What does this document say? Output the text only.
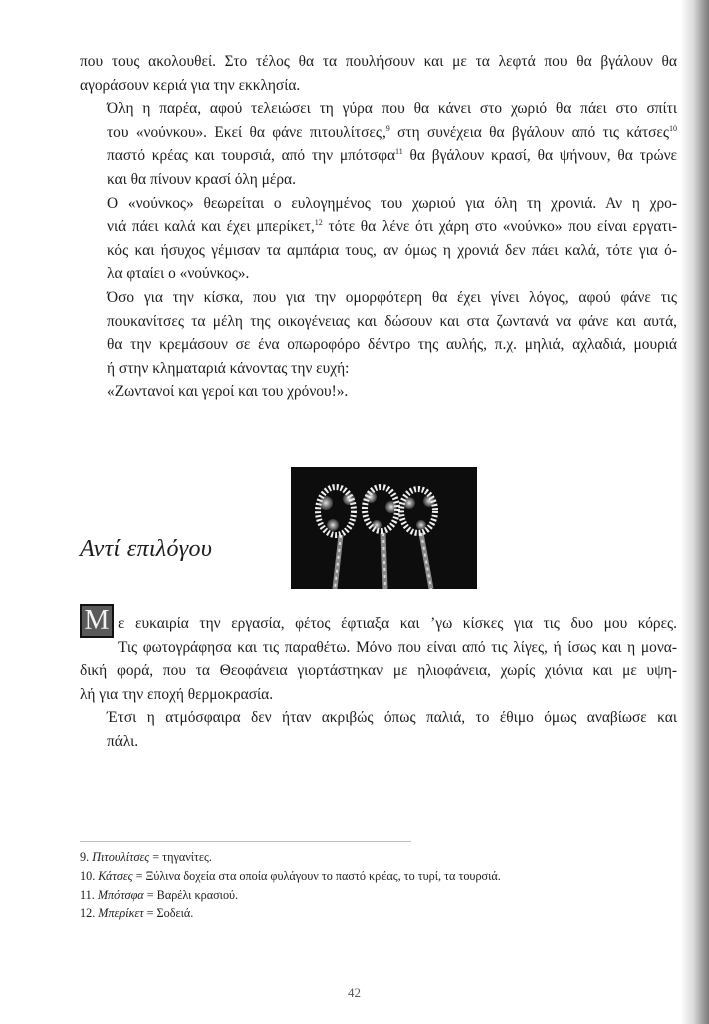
που τους ακολουθεί. Στο τέλος θα τα πουλήσουν και με τα λεφτά που θα βγάλουν θα
αγοράσουν κεριά για την εκκλησία.

Όλη η παρέα, αφού τελειώσει τη γύρα που θα κάνει στο χωριό θα πάει στο σπίτι
του «νούνκου». Εκεί θα φάνε πιτουλίτσες,$^9$ στη συνέχεια θα βγάλουν από τις κάτσες$^{10}$
παστό κρέας και τουρσιά, από την μπότσφα$^{11}$ θα βγάλουν κρασί, θα ψήνουν, θα τρώνε
και θα πίνουν κρασί όλη μέρα.

Ο «νούνκος» θεωρείται ο ευλογημένος του χωριού για όλη τη χρονιά. Αν η χρο-
νιά πάει καλά και έχει μπερίκετ,$^{12}$ τότε θα λένε ότι χάρη στο «νούνκο» που είναι εργατι-
κός και ήσυχος γέμισαν τα αμπάρια τους, αν όμως η χρονιά δεν πάει καλά, τότε για ό-
λα φταίει ο «νούνκος».

Όσο για την κίσκα, που για την ομορφότερη θα έχει γίνει λόγος, αφού φάνε τις
πουκανίτσες τα μέλη της οικογένειας και δώσουν και στα ζωντανά να φάνε και αυτά,
θα την κρεμάσουν σε ένα οπωροφόρο δέντρο της αυλής, π.χ. μηλιά, αχλαδιά, μουριά
ή στην κληματαριά κάνοντας την ευχή:

«Ζωντανοί και γεροί και του χρόνου!».

Αντί επιλόγου

Μ ε ευκαιρία την εργασία, φέτος έφτιαξα και ’γω κίσκες για τις δυο μου κόρες.
Τις φωτογράφησα και τις παραθέτω. Μόνο που είναι από τις λίγες, ή ίσως και η μονα-
δική φορά, που τα Θεοφάνεια γιορτάστηκαν με ηλιοφάνεια, χωρίς χιόνια και με υψη-
λή για την εποχή θερμοκρασία.

Έτσι η ατμόσφαιρα δεν ήταν ακριβώς όπως παλιά, το έθιμο όμως αναβίωσε και
πάλι.

9. Πιτουλίτσες = τηγανίτες.
10. Κάτσες = Ξύλινα δοχεία στα οποία φυλάγουν το παστό κρέας, το τυρί, τα τουρσιά.
11. Μπότσφα = Βαρέλι κρασιού.
12. Μπερίκετ = Σοδειά.
42
